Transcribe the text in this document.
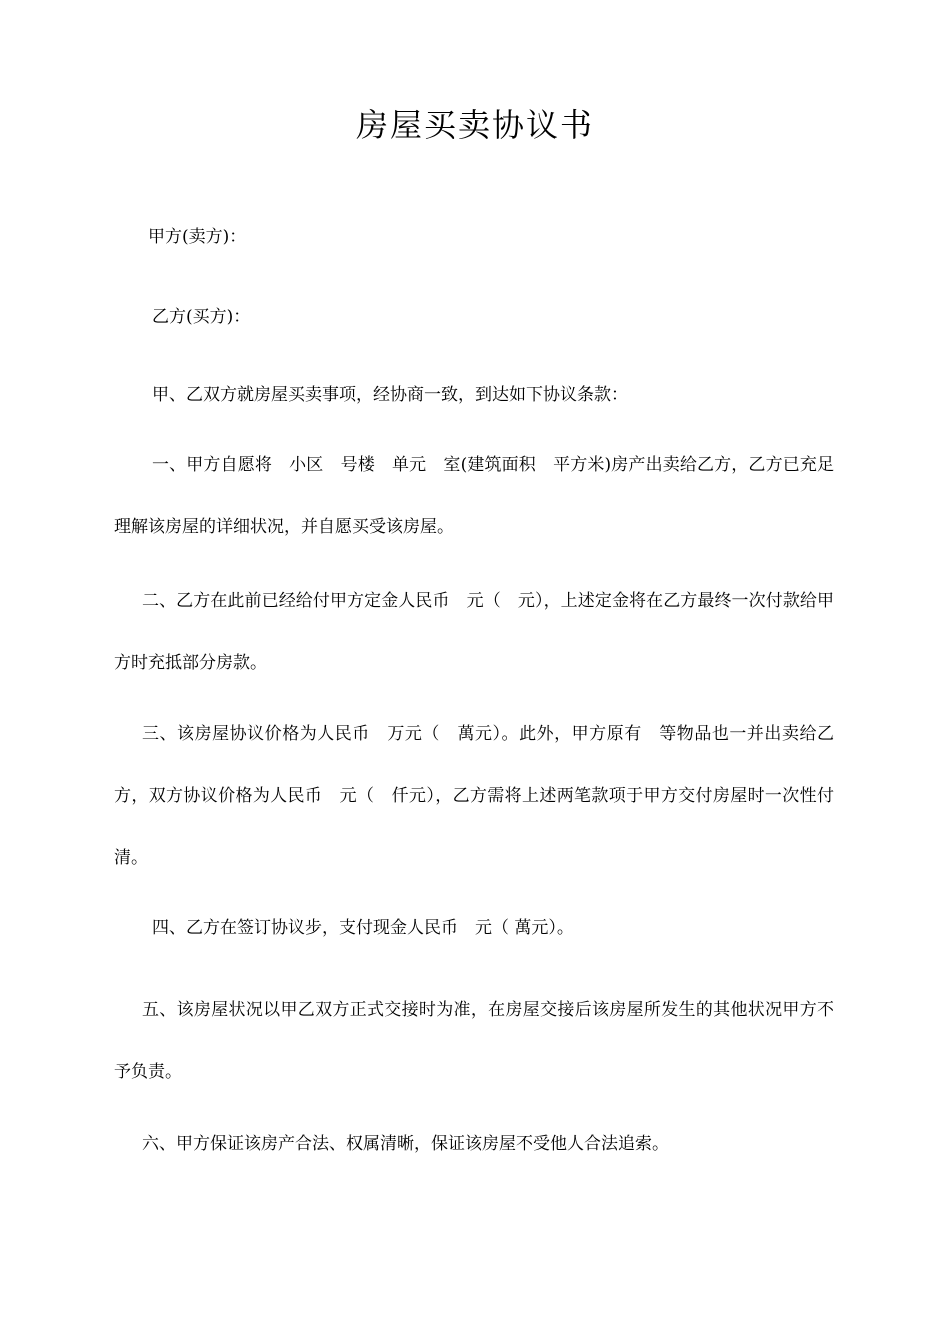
房屋买卖协议书

甲方(卖方)：

乙方(买方)：

甲、乙双方就房屋买卖事项，经协商一致，到达如下协议条款：

一、甲方自愿将　小区　号楼　单元　室(建筑面积　平方米)房产出卖给乙方，乙方已充足理解该房屋的详细状况，并自愿买受该房屋。

二、乙方在此前已经给付甲方定金人民币　元（　元），上述定金将在乙方最终一次付款给甲方时充抵部分房款。

三、该房屋协议价格为人民币　万元（　萬元）。此外，甲方原有　等物品也一并出卖给乙方，双方协议价格为人民币　元（　仟元），乙方需将上述两笔款项于甲方交付房屋时一次性付清。

四、乙方在签订协议步，支付现金人民币　元（ 萬元）。

五、该房屋状况以甲乙双方正式交接时为准，在房屋交接后该房屋所发生的其他状况甲方不予负责。

六、甲方保证该房产合法、权属清晰，保证该房屋不受他人合法追索。
